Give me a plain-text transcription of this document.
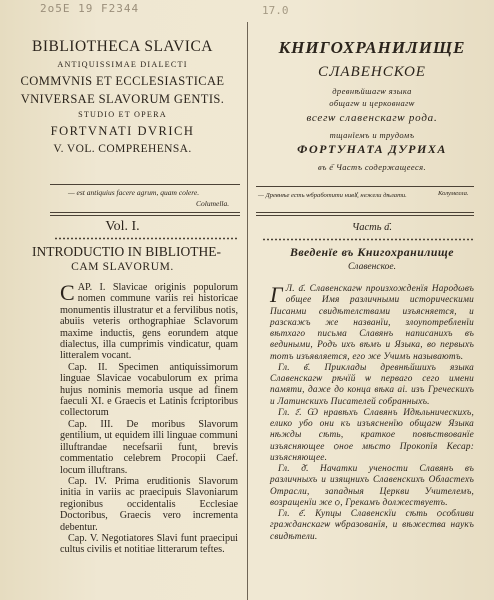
2o5E 19 F2344	17.0
BIBLIOTHECA SLAVICA
ANTIQUISSIMAE DIALECTI
COMMVNIS ET ECCLESIASTICAE
VNIVERSAE SLAVORUM GENTIS.
STUDIO ET OPERA
FORTVNATI DVRICH
V. VOL. COMPREHENSA.
— est antiquius facere agrum, quam colere.
Columella.
Vol. I.
INTRODUCTIO IN BIBLIOTHE-
CAM SLAVORUM.

CAP. I. Slavicae originis populorum nomen commune variis rei historicae monumentis illustratur et a fervilibus notis, abuiis veteris orthographiae Sclavorum maxime inductis, gens eorundem atque dialectus, illa cumprimis vindicatur, quam litteralem vocant.

Cap. II. Specimen antiquissimorum linguae Slavicae vocabulorum ex prima hujus nominis memoria usque ad finem faeculi XI. e Graecis et Latinis fcriptoribus collectorum

Cap. III. De moribus Slavorum gentilium, ut equidem illi linguae communi illuftrandae necefsarii funt, brevis commentatio celebrem Procopii Caef. locum illuftrans.

Cap. IV. Prima eruditionis Slavorum initia in variis ac praecipuis Slavoniarum regionibus occidentalis Ecclesiae Doctoribus, Graecis vero incrementa debentur.

Cap. V. Negotiatores Slavi funt praecipui cultus civilis et notitiae litterarum teftes.

КНИГОХРАНИЛИЩЕ
СЛАВЕНСКОЕ
древнѣйшагѡ языка
общагѡ и церковнагѡ
всегѡ славенскагѡ рода.
тщанїемъ и трудомъ
ФОРТУНАТА ДУРИХА
въ е҃ Частъ содержащееся.
— Древнѣе есть ѡбработити нивꙋ, нежели дѣлати.	Колумелла.
Часть а҃.
Введенїе въ Книгохранилище
Славенское.

Г Л. а҃. Славенскагѡ произхожденїя Народωвъ общее Имя различными историческими Писанми свидѣтелствами изъясняется, и разскажъ же названїи, злоупотребленїи вѣтхаго письма Славянъ написанихъ въ ведиными, Родъ ихъ вѣмъ и Языка, во первыхъ тотъ изъявляется, его же Учимъ называютъ.

Гл. в҃. Приклады древнѣйшихъ языка Славенскагѡ рѣчїй ѡ перваго сего имени памяти, даже до конца вѣка аі. изъ Греческихъ и Латинскихъ Писателей собранныхъ.

Гл. г҃. Ѡ нравѣхъ Славянъ Идѣльническихъ, елико убо они къ изъясненїю общагѡ Языка нѣжды сѣть, краткое повѣствованїе изъясняющее ѻное мѣсто Прокопїя Кесар: изъясняющее.

Гл. д҃. Начатки учености Славянъ въ различныхъ и изящнихъ Славенскихъ Областехъ Отрасли, западныя Церкви Учителемъ, возращенїи же ѻ, Грекамъ должествуетъ.

Гл. е҃. Купцы Славенскїи сѣть ѻсобливи гражданскагѡ ѡбразованїя, и вѣжества наукъ свидѣтели.
